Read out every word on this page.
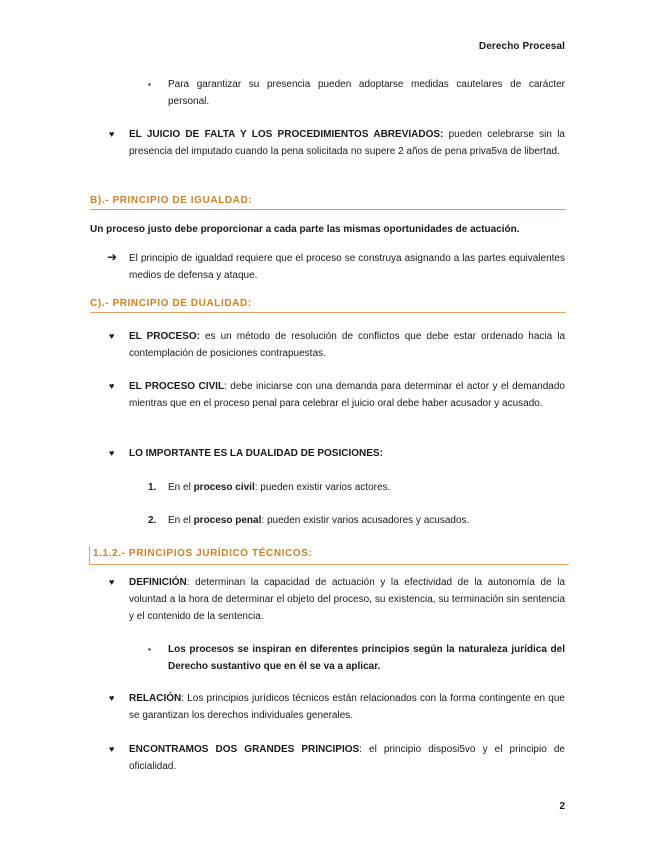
Derecho Procesal
▪ Para garantizar su presencia pueden adoptarse medidas cautelares de carácter personal.
♥ EL JUICIO DE FALTA Y LOS PROCEDIMIENTOS ABREVIADOS: pueden celebrarse sin la presencia del imputado cuando la pena solicitada no supere 2 años de pena priva5va de libertad.
B).- PRINCIPIO DE IGUALDAD:
Un proceso justo debe proporcionar a cada parte las mismas oportunidades de actuación.
➔ El principio de igualdad requiere que el proceso se construya asignando a las partes equivalentes medios de defensa y ataque.
C).- PRINCIPIO DE DUALIDAD:
♥ EL PROCESO: es un método de resolución de conflictos que debe estar ordenado hacia la contemplación de posiciones contrapuestas.
♥ EL PROCESO CIVIL: debe iniciarse con una demanda para determinar el actor y el demandado mientras que en el proceso penal para celebrar el juicio oral debe haber acusador y acusado.
♥ LO IMPORTANTE ES LA DUALIDAD DE POSICIONES:
1. En el proceso civil: pueden existir varios actores.
2. En el proceso penal: pueden existir varios acusadores y acusados.
1.1.2.- PRINCIPIOS JURÍDICO TÉCNICOS:
♥ DEFINICIÓN: determinan la capacidad de actuación y la efectividad de la autonomía de la voluntad a la hora de determinar el objeto del proceso, su existencia, su terminación sin sentencia y el contenido de la sentencia.
▪ Los procesos se inspiran en diferentes principios según la naturaleza jurídica del Derecho sustantivo que en él se va a aplicar.
♥ RELACIÓN: Los principios jurídicos técnicos están relacionados con la forma contingente en que se garantizan los derechos individuales generales.
♥ ENCONTRAMOS DOS GRANDES PRINCIPIOS: el principio disposi5vo y el principio de oficialidad.
2
